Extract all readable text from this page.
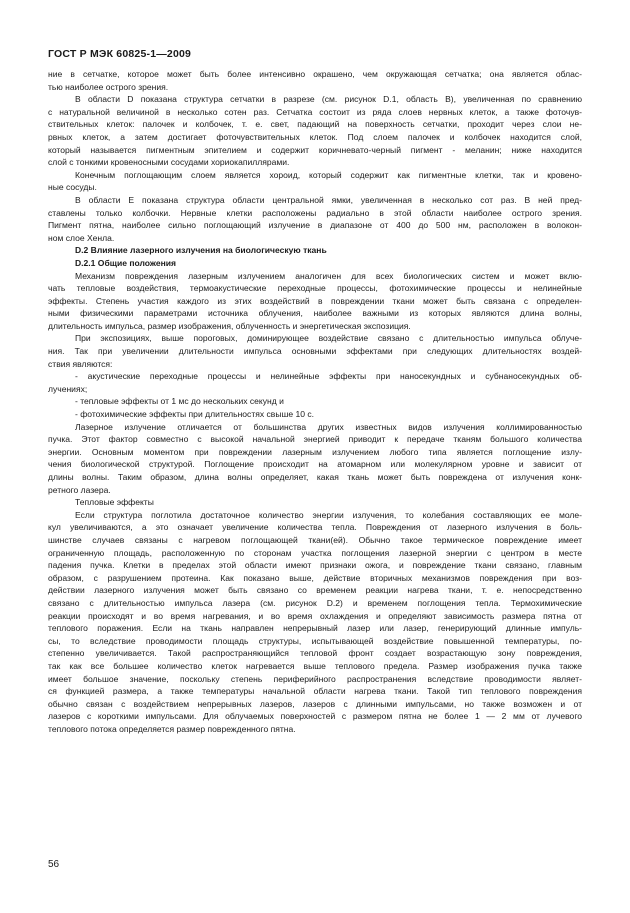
ГОСТ Р МЭК 60825-1—2009
ние в сетчатке, которое может быть более интенсивно окрашено, чем окружающая сетчатка; она является облас-
тью наиболее острого зрения.
В области D показана структура сетчатки в разрезе (см. рисунок D.1, область В), увеличенная по сравнению
с натуральной величиной в несколько сотен раз. Сетчатка состоит из ряда слоев нервных клеток, а также фоточув-
ствительных клеток: палочек и колбочек, т. е. свет, падающий на поверхность сетчатки, проходит через слои не-
рвных клеток, а затем достигает фоточувствительных клеток. Под слоем палочек и колбочек находится слой,
который называется пигментным эпителием и содержит коричневато-черный пигмент - меланин; ниже находится
слой с тонкими кровеносными сосудами хориокапиллярами.
Конечным поглощающим слоем является хороид, который содержит как пигментные клетки, так и кровено-
ные сосуды.
В области Е показана структура области центральной ямки, увеличенная в несколько сот раз. В ней пред-
ставлены только колбочки. Нервные клетки расположены радиально в этой области наиболее острого зрения.
Пигмент пятна, наиболее сильно поглощающий излучение в диапазоне от 400 до 500 нм, расположен в волокон-
ном слое Хенла.
D.2 Влияние лазерного излучения на биологическую ткань
D.2.1 Общие положения
Механизм повреждения лазерным излучением аналогичен для всех биологических систем и может вклю-
чать тепловые воздействия, термоакустические переходные процессы, фотохимические процессы и нелинейные
эффекты. Степень участия каждого из этих воздействий в повреждении ткани может быть связана с определен-
ными физическими параметрами источника облучения, наиболее важными из которых являются длина волны,
длительность импульса, размер изображения, облученность и энергетическая экспозиция.
При экспозициях, выше пороговых, доминирующее воздействие связано с длительностью импульса облуче-
ния. Так при увеличении длительности импульса основными эффектами при следующих длительностях воздей-
ствия являются:
- акустические переходные процессы и нелинейные эффекты при наносекундных и субнаносекундных об-
лучениях;
- тепловые эффекты от 1 мс до нескольких секунд и
- фотохимические эффекты при длительностях свыше 10 с.
Лазерное излучение отличается от большинства других известных видов излучения коллимированностью
пучка. Этот фактор совместно с высокой начальной энергией приводит к передаче тканям большого количества
энергии. Основным моментом при повреждении лазерным излучением любого типа является поглощение излу-
чения биологической структурой. Поглощение происходит на атомарном или молекулярном уровне и зависит от
длины волны. Таким образом, длина волны определяет, какая ткань может быть повреждена от излучения конк-
ретного лазера.
Тепловые эффекты
Если структура поглотила достаточное количество энергии излучения, то колебания составляющих ее моле-
кул увеличиваются, а это означает увеличение количества тепла. Повреждения от лазерного излучения в боль-
шинстве случаев связаны с нагревом поглощающей ткани(ей). Обычно такое термическое повреждение имеет
ограниченную площадь, расположенную по сторонам участка поглощения лазерной энергии с центром в месте
падения пучка. Клетки в пределах этой области имеют признаки ожога, и повреждение ткани связано, главным
образом, с разрушением протеина. Как показано выше, действие вторичных механизмов повреждения при воз-
действии лазерного излучения может быть связано со временем реакции нагрева ткани, т. е. непосредственно
связано с длительностью импульса лазера (см. рисунок D.2) и временем поглощения тепла. Термохимические
реакции происходят и во время нагревания, и во время охлаждения и определяют зависимость размера пятна от
теплового поражения. Если на ткань направлен непрерывный лазер или лазер, генерирующий длинные импуль-
сы, то вследствие проводимости площадь структуры, испытывающей воздействие повышенной температуры, по-
степенно увеличивается. Такой распространяющийся тепловой фронт создает возрастающую зону повреждения,
так как все большее количество клеток нагревается выше теплового предела. Размер изображения пучка также
имеет большое значение, поскольку степень периферийного распространения вследствие проводимости являет-
ся функцией размера, а также температуры начальной области нагрева ткани. Такой тип теплового повреждения
обычно связан с воздействием непрерывных лазеров, лазеров с длинными импульсами, но также возможен и от
лазеров с короткими импульсами. Для облучаемых поверхностей с размером пятна не более 1 — 2 мм от лучевого
теплового потока определяется размер поврежденного пятна.
56
